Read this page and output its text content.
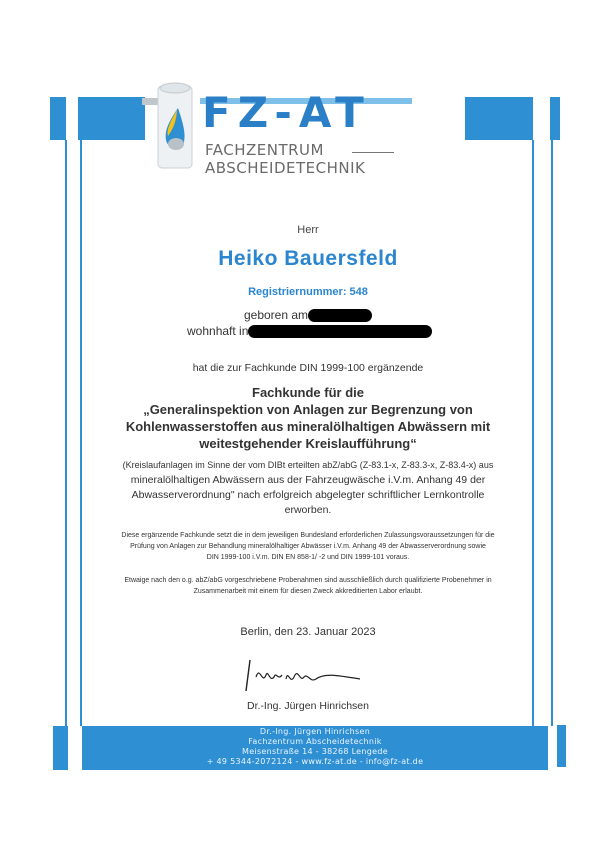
FZ-AT
FACHZENTRUM
ABSCHEIDETECHNIK
Herr
Heiko Bauersfeld
Registriernummer: 548
geboren am
wohnhaft in
hat die zur Fachkunde DIN 1999-100 ergänzende
Fachkunde für die
„Generalinspektion von Anlagen zur Begrenzung von
Kohlenwasserstoffen aus mineralölhaltigen Abwässern mit
weitestgehender Kreislaufführung“
(Kreislaufanlagen im Sinne der vom DIBt erteilten abZ/abG (Z-83.1-x, Z-83.3-x, Z-83.4-x) aus
mineralölhaltigen Abwässern aus der Fahrzeugwäsche i.V.m. Anhang 49 der
Abwasserverordnung" nach erfolgreich abgelegter schriftlicher Lernkontrolle
erworben.
Diese ergänzende Fachkunde setzt die in dem jeweiligen Bundesland erforderlichen Zulassungsvoraussetzungen für die
Prüfung von Anlagen zur Behandlung mineralölhaltiger Abwässer i.V.m. Anhang 49 der Abwasserverordnung sowie
DIN 1999-100 i.V.m. DIN EN 858-1/ -2 und DIN 1999-101 voraus.
Etwaige nach den o.g. abZ/abG vorgeschriebene Probenahmen sind ausschließlich durch qualifizierte Probenehmer in
Zusammenarbeit mit einem für diesen Zweck akkreditierten Labor erlaubt.
Berlin, den 23. Januar 2023
Dr.-Ing. Jürgen Hinrichsen
Dr.-Ing. Jürgen Hinrichsen
Fachzentrum Abscheidetechnik
Meisenstraße 14 - 38268 Lengede
+ 49 5344-2072124 - www.fz-at.de - info@fz-at.de
